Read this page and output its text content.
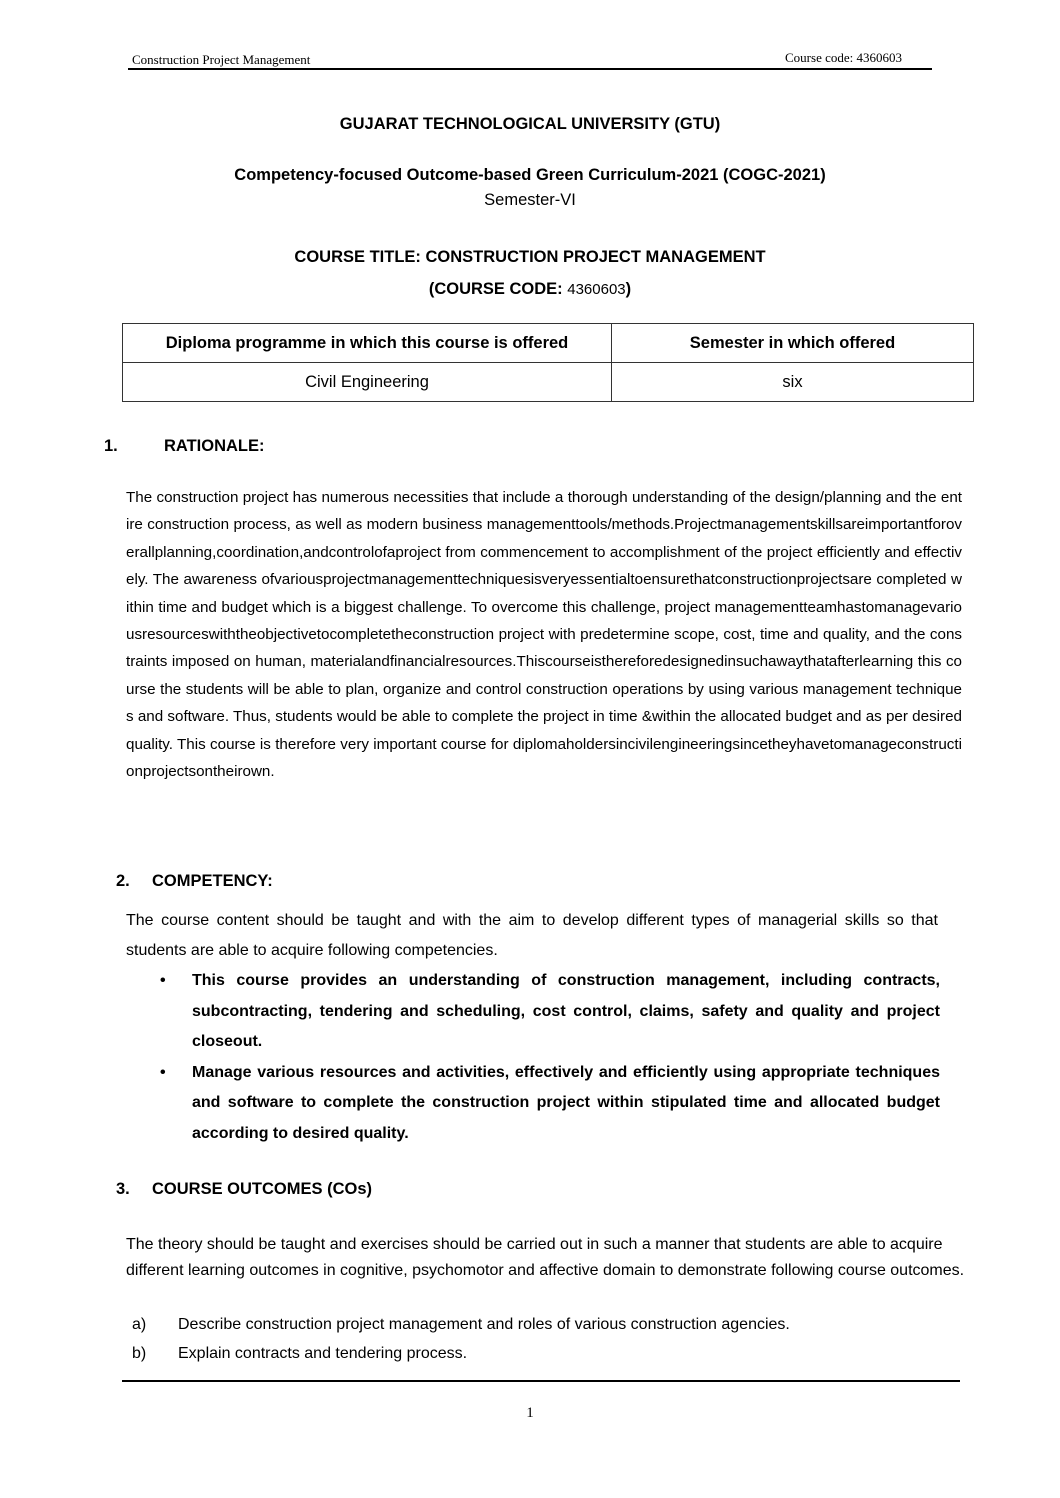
Construction Project Management	Course code: 4360603
GUJARAT TECHNOLOGICAL UNIVERSITY (GTU)
Competency-focused Outcome-based Green Curriculum-2021 (COGC-2021)
Semester-VI
COURSE TITLE: CONSTRUCTION PROJECT MANAGEMENT
(COURSE CODE: 4360603)
Diploma programme in which this course is offered	Semester in which offered
Civil Engineering	six
1.	RATIONALE:
The construction project has numerous necessities that include a thorough understanding of the design/planning and the entire construction process, as well as modern business managementtools/methods.Projectmanagementskillsareimportantforoverallplanning,coordination,andcontrolofaproject from commencement to accomplishment of the project efficiently and effectively. The awareness ofvariousprojectmanagementtechniquesisveryessentialtoensurethatconstructionprojectsare completed within time and budget which is a biggest challenge. To overcome this challenge, project managementteamhastomanagevariousresourceswiththeobjectivetocompletetheconstruction project with predetermine scope, cost, time and quality, and the constraints imposed on human, materialandfinancialresources.Thiscourseisthereforedesignedinsuchawaythatafterlearning this course the students will be able to plan, organize and control construction operations by using various management techniques and software. Thus, students would be able to complete the project in time &within the allocated budget and as per desired quality. This course is therefore very important course for diplomaholdersincivilengineeringsincetheyhavetomanageconstructionprojectsontheirown.
2. COMPETENCY:
The course content should be taught and with the aim to develop different types of managerial skills so that students are able to acquire following competencies.
• This course provides an understanding of construction management, including contracts, subcontracting, tendering and scheduling, cost control, claims, safety and quality and project closeout.
• Manage various resources and activities, effectively and efficiently using appropriate techniques and software to complete the construction project within stipulated time and allocated budget according to desired quality.
3. COURSE OUTCOMES (COs)
The theory should be taught and exercises should be carried out in such a manner that students are able to acquire different learning outcomes in cognitive, psychomotor and affective domain to demonstrate following course outcomes.
a) Describe construction project management and roles of various construction agencies.
b) Explain contracts and tendering process.
1
